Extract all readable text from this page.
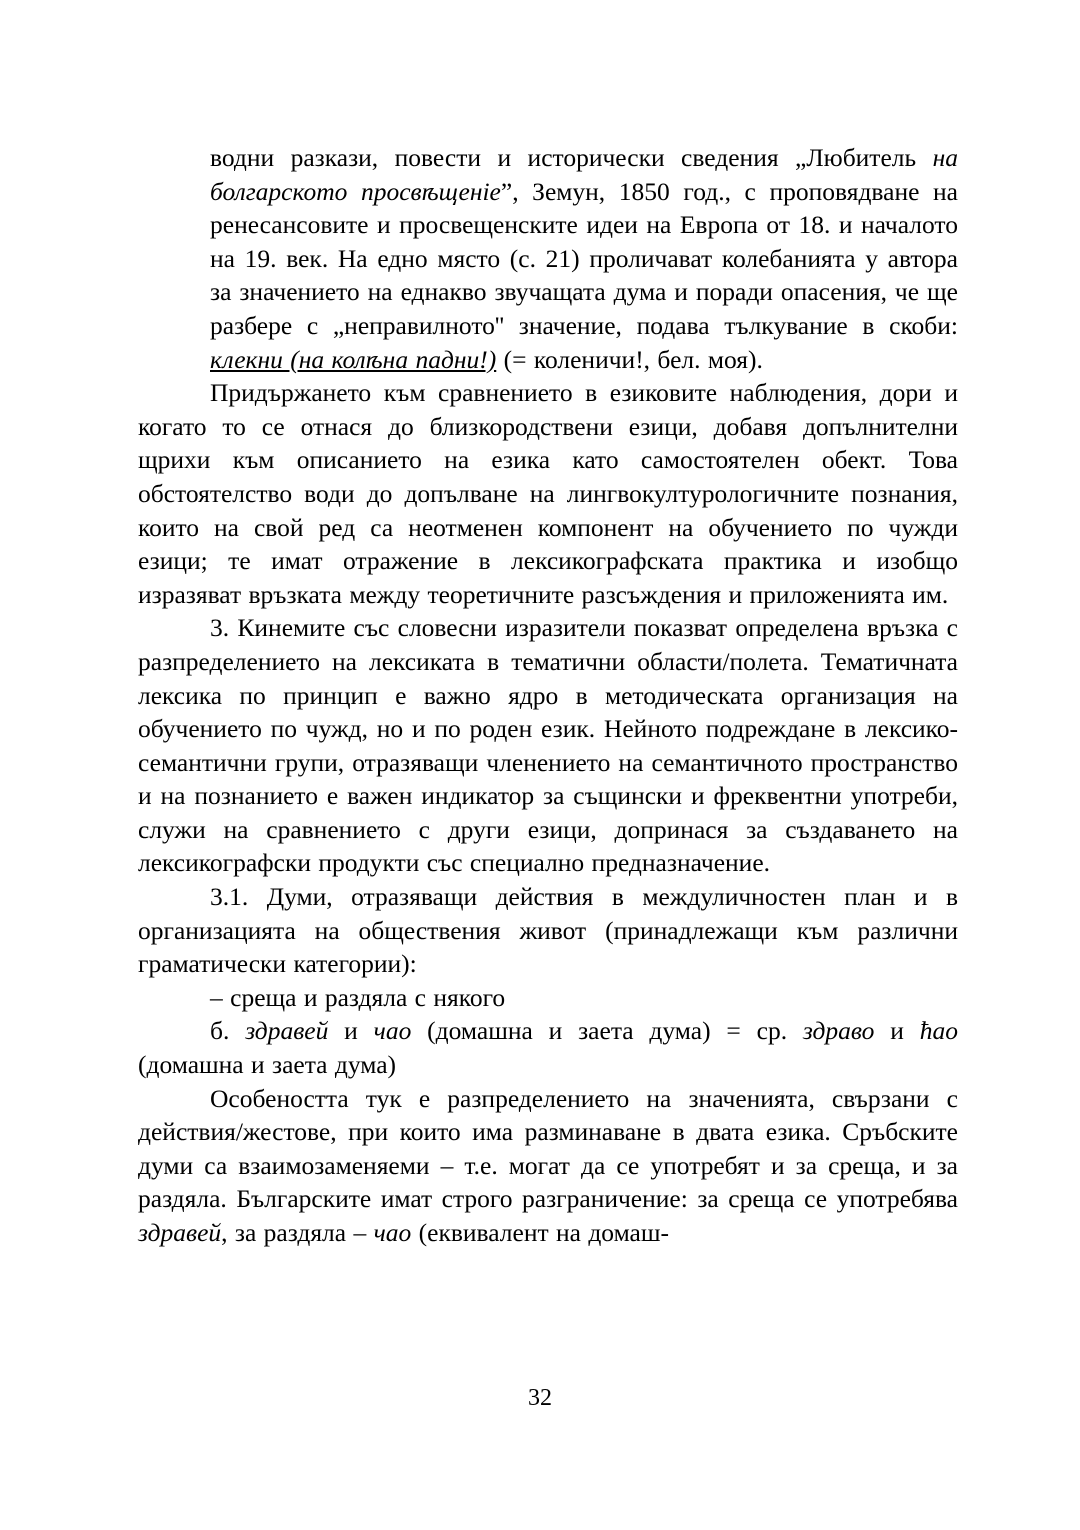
водни разкази, повести и исторически сведения „Любитель на болгарското просвѣщеніе”, Земун, 1850 год., с проповядване на ренесансовите и просвещенските идеи на Европа от 18. и началото на 19. век. На едно място (с. 21) проличават колебанията у автора за значението на еднакво звучащата дума и поради опасения, че ще разбере с „неправилното'' значение, подава тълкувание в скоби: клекни (на колѣна падни!) (= коленичи!, бел. моя).

Придържането към сравнението в езиковите наблюдения, дори и когато то се отнася до близкородствени езици, добавя допълнителни щрихи към описанието на езика като самостоятелен обект. Това обстоятелство води до допълване на лингвокултурологичните познания, които на свой ред са неотменен компонент на обучението по чужди езици; те имат отражение в лексикографската практика и изобщо изразяват връзката между теоретичните разсъждения и приложенията им.

3. Кинемите със словесни изразители показват определена връзка с разпределението на лексиката в тематични области/полета. Тематичната лексика по принцип е важно ядро в методическата организация на обучението по чужд, но и по роден език. Нейното подреждане в лексико-семантични групи, отразяващи членението на семантичното пространство и на познанието е важен индикатор за същински и фреквентни употреби, служи на сравнението с други езици, допринася за създаването на лексикографски продукти със специално предназначение.

3.1. Думи, отразяващи действия в междуличностен план и в организацията на обществения живот (принадлежащи към различни граматически категории):

– среща и раздяла с някого

б. здравей и чао (домашна и заета дума) = ср. здраво и ћао (домашна и заета дума)

Особеността тук е разпределението на значенията, свързани с действия/жестове, при които има разминаване в двата езика. Сръбските думи са взаимозаменяеми – т.е. могат да се употребят и за среща, и за раздяла. Българските имат строго разграничение: за среща се употребява здравей, за раздяла – чао (еквивалент на домаш-

32
